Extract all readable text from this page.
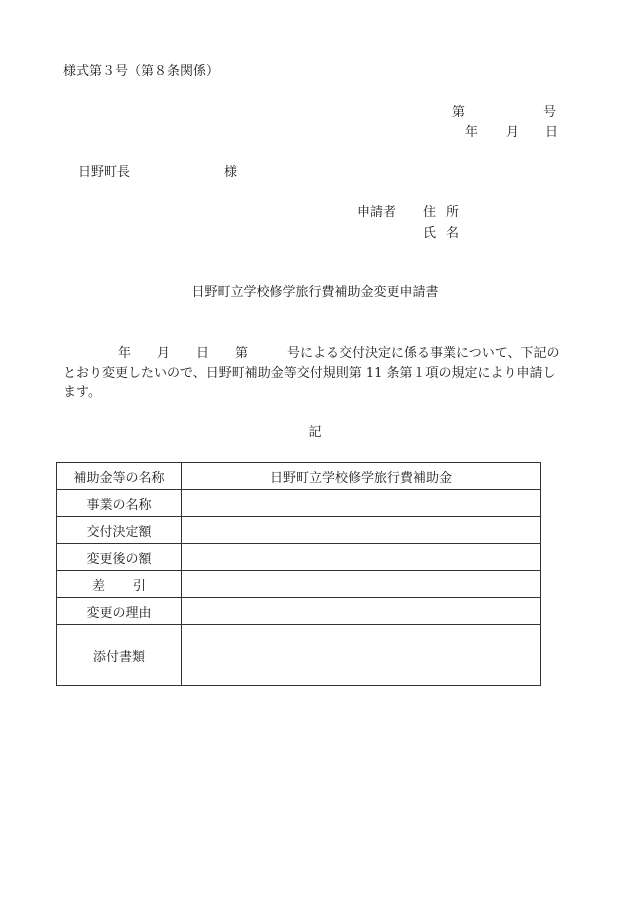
様式第３号（第８条関係）
第	号
年 月 日
日野町長	様
申請者 住所
氏名
日野町立学校修学旅行費補助金変更申請書
年　　月　　日　　第　　　号による交付決定に係る事業について、下記の
とおり変更したいので、日野町補助金等交付規則第 11 条第１項の規定により申請し
ます。
記
補助金等の名称	日野町立学校修学旅行費補助金
事業の名称	
交付決定額	
変更後の額	
差引	
変更の理由	
添付書類	
